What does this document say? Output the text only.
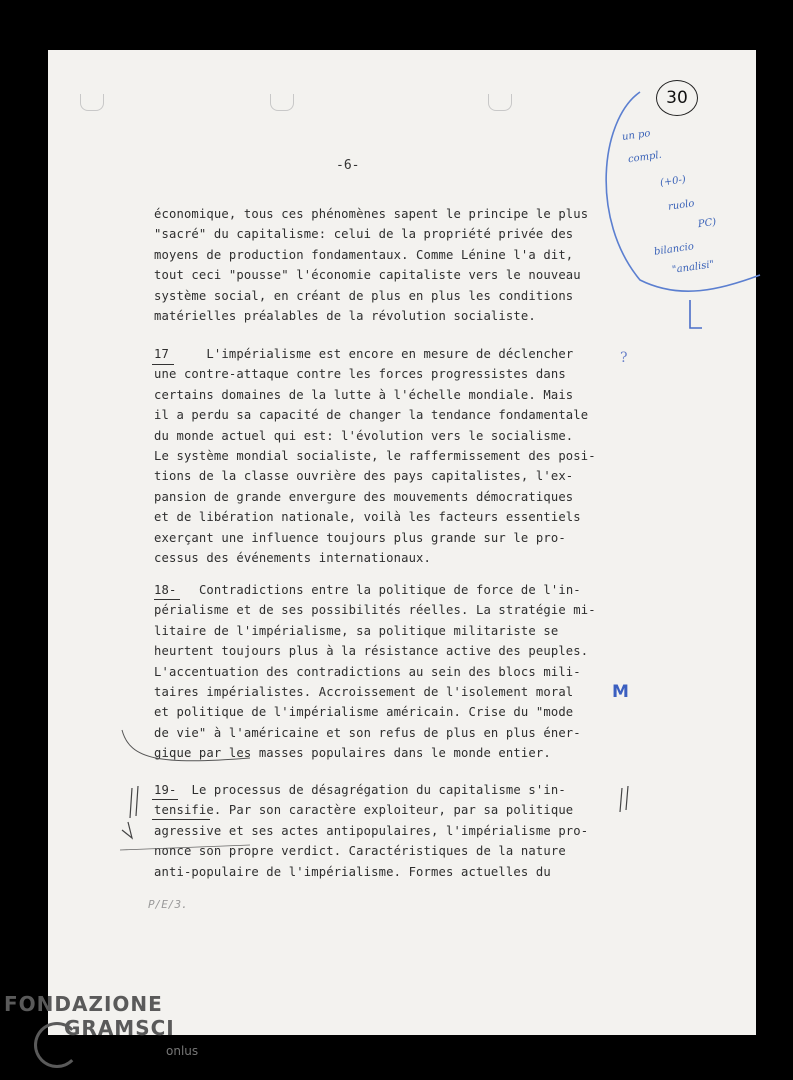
-6-

économique, tous ces phénomènes sapent le principe le plus
"sacré" du capitalisme: celui de la propriété privée des
moyens de production fondamentaux. Comme Lénine l'a dit,
tout ceci "pousse" l'économie capitaliste vers le nouveau
système social, en créant de plus en plus les conditions
matérielles préalables de la révolution socialiste.

17	L'impérialisme est encore en mesure de déclencher
une contre-attaque contre les forces progressistes dans
certains domaines de la lutte à l'échelle mondiale. Mais
il a perdu sa capacité de changer la tendance fondamentale
du monde actuel qui est: l'évolution vers le socialisme.
Le système mondial socialiste, le raffermissement des posi-
tions de la classe ouvrière des pays capitalistes, l'ex-
pansion de grande envergure des mouvements démocratiques
et de libération nationale, voilà les facteurs essentiels
exerçant une influence toujours plus grande sur le pro-
cessus des événements internationaux.

18- Contradictions entre la politique de force de l'in-
périalisme et de ses possibilités réelles. La stratégie mi-
litaire de l'impérialisme, sa politique militariste se
heurtent toujours plus à la résistance active des peuples.
L'accentuation des contradictions au sein des blocs mili-
taires impérialistes. Accroissement de l'isolement moral
et politique de l'impérialisme américain. Crise du "mode
de vie" à l'américaine et son refus de plus en plus éner-
gique par les masses populaires dans le monde entier.

19- Le processus de désagrégation du capitalisme s'in-
tensifie. Par son caractère exploiteur, par sa politique
agressive et ses actes antipopulaires, l'impérialisme pro-
nonce son propre verdict. Caractéristiques de la nature
anti-populaire de l'impérialisme. Formes actuelles du

30
un po
compl.
(+0-)
ruolo
PC)
bilancio
"analisi"
?
M
P/E/3.
FONDAZIONE
GRAMSCI
onlus
